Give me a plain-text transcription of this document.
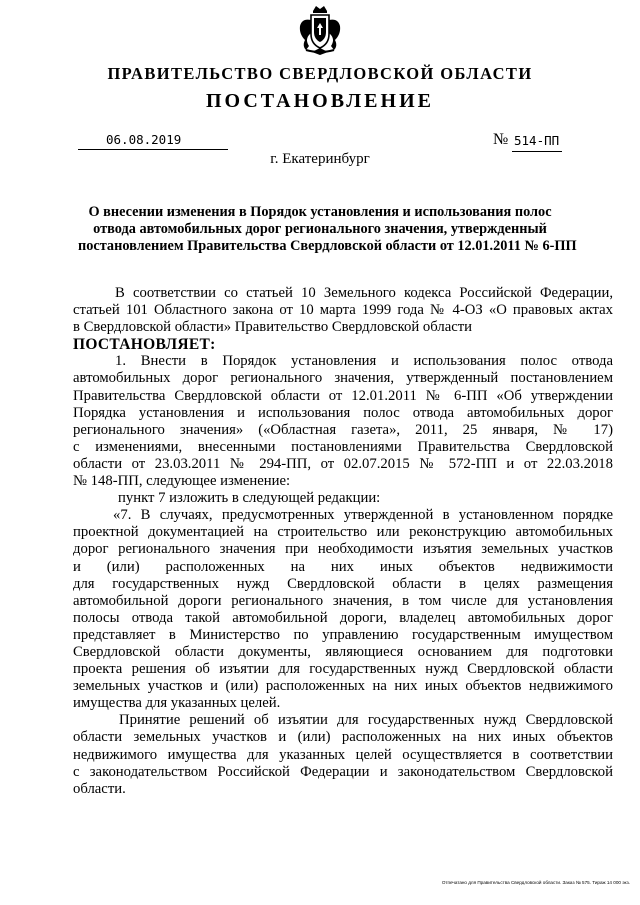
ПРАВИТЕЛЬСТВО СВЕРДЛОВСКОЙ ОБЛАСТИ
ПОСТАНОВЛЕНИЕ
06.08.2019	№ 514-ПП
г. Екатеринбург
О внесении изменения в Порядок установления и использования полос
отвода автомобильных дорог регионального значения, утвержденный
постановлением Правительства Свердловской области от 12.01.2011 № 6-ПП
В соответствии со статьей 10 Земельного кодекса Российской Федерации,
статьей 101 Областного закона от 10 марта 1999 года № 4-ОЗ «О правовых актах
в Свердловской области» Правительство Свердловской области
ПОСТАНОВЛЯЕТ:
1. Внести в Порядок установления и использования полос отвода
автомобильных дорог регионального значения, утвержденный постановлением
Правительства Свердловской области от 12.01.2011 № 6-ПП «Об утверждении
Порядка установления и использования полос отвода автомобильных дорог
регионального значения» («Областная газета», 2011, 25 января, № 17)
с изменениями, внесенными постановлениями Правительства Свердловской
области от 23.03.2011 № 294-ПП, от 02.07.2015 № 572-ПП и от 22.03.2018
№ 148-ПП, следующее изменение:
пункт 7 изложить в следующей редакции:
«7. В случаях, предусмотренных утвержденной в установленном порядке
проектной документацией на строительство или реконструкцию автомобильных
дорог регионального значения при необходимости изъятия земельных участков
и (или) расположенных на них иных объектов недвижимости
для государственных нужд Свердловской области в целях размещения
автомобильной дороги регионального значения, в том числе для установления
полосы отвода такой автомобильной дороги, владелец автомобильных дорог
представляет в Министерство по управлению государственным имуществом
Свердловской области документы, являющиеся основанием для подготовки
проекта решения об изъятии для государственных нужд Свердловской области
земельных участков и (или) расположенных на них иных объектов недвижимого
имущества для указанных целей.
Принятие решений об изъятии для государственных нужд Свердловской
области земельных участков и (или) расположенных на них иных объектов
недвижимого имущества для указанных целей осуществляется в соответствии
с законодательством Российской Федерации и законодательством Свердловской
области.
Отпечатано для Правительства Свердловской области. Заказ № 575. Тираж 14 000 экз.
